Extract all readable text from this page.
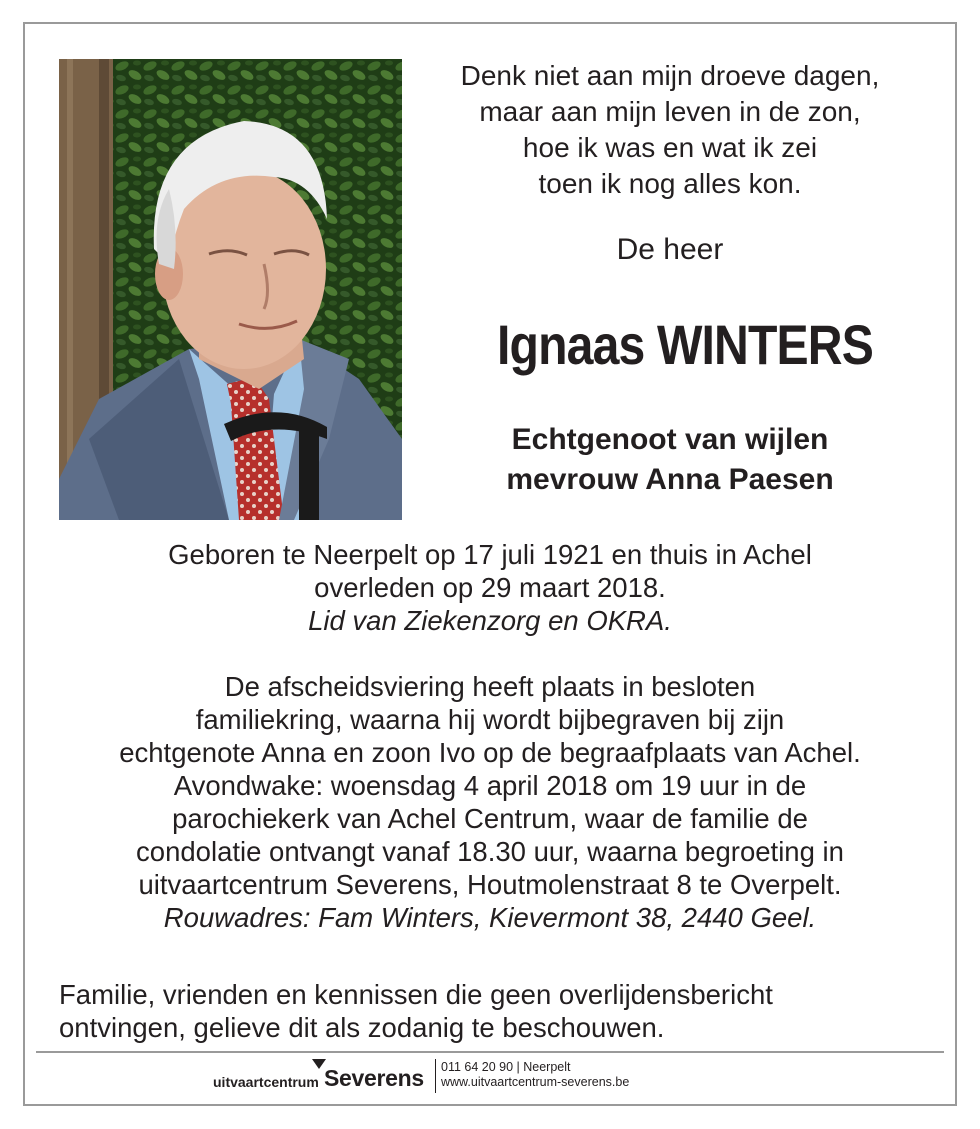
Denk niet aan mijn droeve dagen,
maar aan mijn leven in de zon,
hoe ik was en wat ik zei
toen ik nog alles kon.
De heer
Ignaas WINTERS
Echtgenoot van wijlen
mevrouw Anna Paesen
Geboren te Neerpelt op 17 juli 1921 en thuis in Achel
overleden op 29 maart 2018.
Lid van Ziekenzorg en OKRA.
De afscheidsviering heeft plaats in besloten
familiekring, waarna hij wordt bijbegraven bij zijn
echtgenote Anna en zoon Ivo op de begraafplaats van Achel.
Avondwake: woensdag 4 april 2018 om 19 uur in de
parochiekerk van Achel Centrum, waar de familie de
condolatie ontvangt vanaf 18.30 uur, waarna begroeting in
uitvaartcentrum Severens, Houtmolenstraat 8 te Overpelt.
Rouwadres: Fam Winters, Kievermont 38, 2440 Geel.
Familie, vrienden en kennissen die geen overlijdensbericht
ontvingen, gelieve dit als zodanig te beschouwen.
uitvaartcentrum Severens 011 64 20 90 | Neerpelt
www.uitvaartcentrum-severens.be
